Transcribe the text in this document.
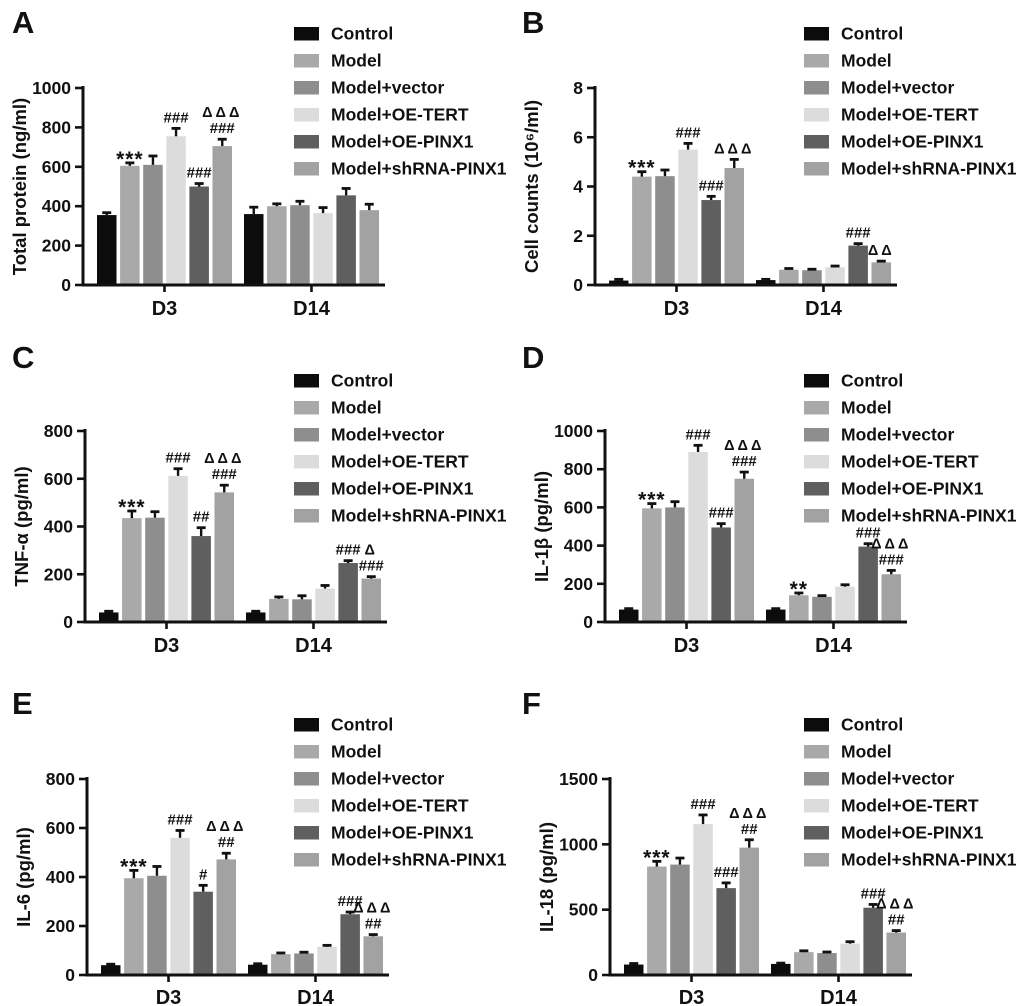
***
###
###
###
ΔΔΔ
0
200
400
600
800
1000
D3	D14
Total protein (ng/ml)
Control
Model
Model+vector
Model+OE-TERT
Model+OE-PINX1
Model+shRNA-PINX1
A
***
###
###
###
ΔΔΔ
ΔΔ
0
2
4
6
8
D3	D14
Cell counts (10⁶/ml)
Control
Model
Model+vector
Model+OE-TERT
Model+OE-PINX1
Model+shRNA-PINX1
B
***
###
##
###
###
ΔΔΔ
###
Δ
0
200
400
600
800
D3	D14
TNF-α (pg/ml)
Control
Model
Model+vector
Model+OE-TERT
Model+OE-PINX1
Model+shRNA-PINX1
C
***
**
###
###
###
###
ΔΔΔ
###
ΔΔΔ
0
200
400
600
800
1000
D3	D14
IL-1β (pg/ml)
Control
Model
Model+vector
Model+OE-TERT
Model+OE-PINX1
Model+shRNA-PINX1
D
***
###
#
###
##
ΔΔΔ
##
ΔΔΔ
0
200
400
600
800
D3	D14
IL-6 (pg/ml)
Control
Model
Model+vector
Model+OE-TERT
Model+OE-PINX1
Model+shRNA-PINX1
E
***
###
###
###
##
ΔΔΔ
##
ΔΔΔ
0
500
1000
1500
D3	D14
IL-18 (pg/ml)
Control
Model
Model+vector
Model+OE-TERT
Model+OE-PINX1
Model+shRNA-PINX1
F
